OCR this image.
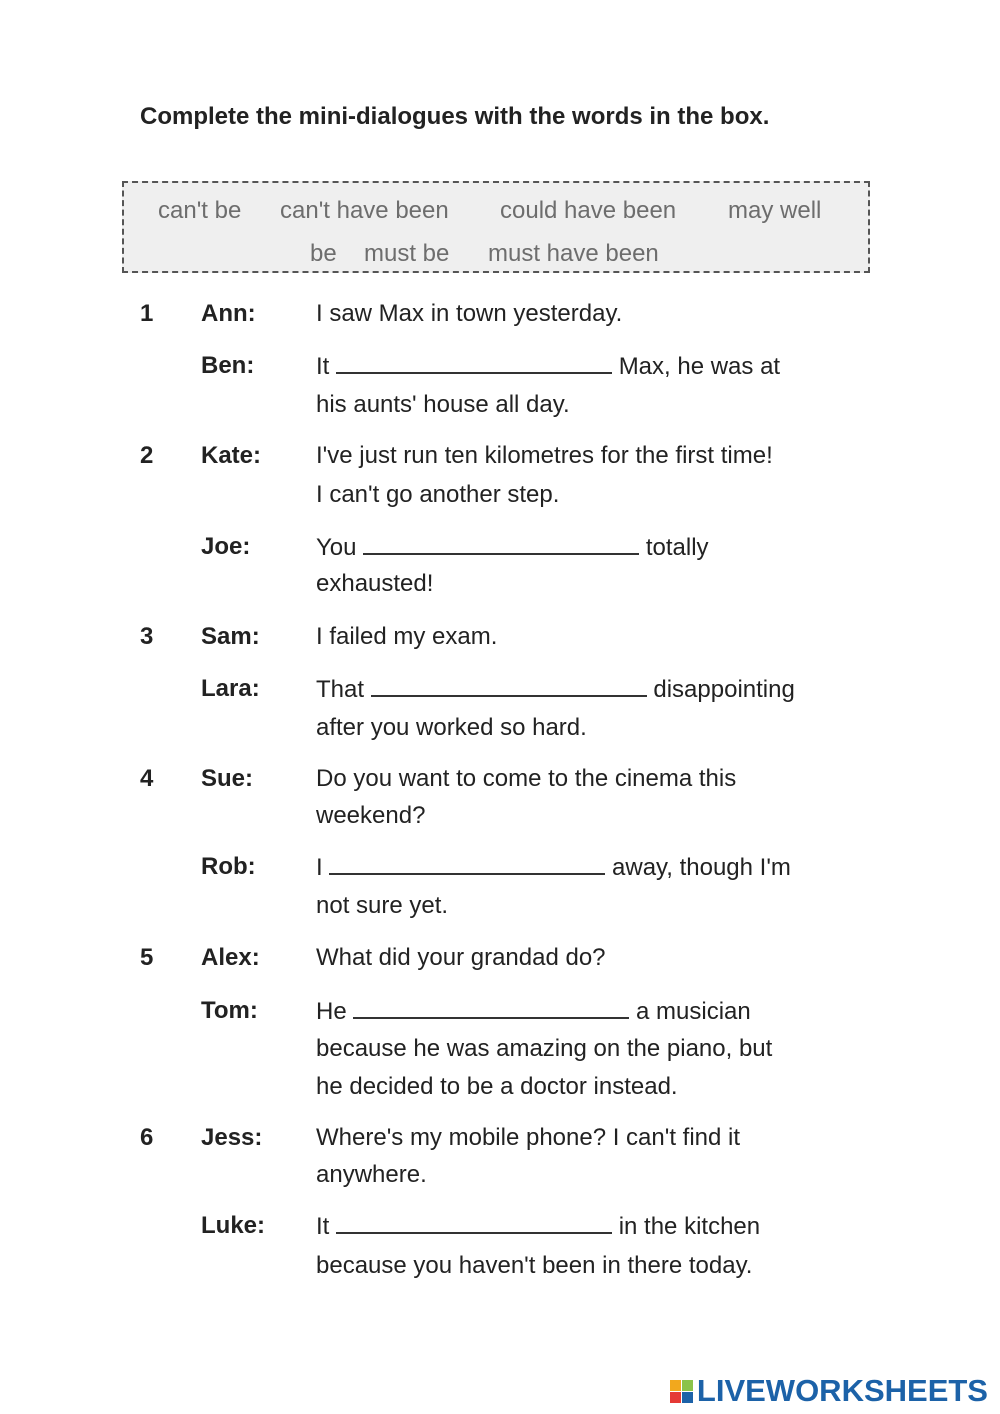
Complete the mini-dialogues with the words in the box.
can't be can't have been could have been may well
be must be must have been
1 Ann:	I saw Max in town yesterday.
Ben:	It	Max, he was at
his aunts' house all day.
2 Kate: I've just run ten kilometres for the first time!
I can't go another step.
Joe:	You	totally
exhausted!
3 Sam: I failed my exam.
Lara: That	disappointing
after you worked so hard.
4 Sue:	Do you want to come to the cinema this
weekend?
Rob:	I	away, though I'm
not sure yet.
5 Alex: What did your grandad do?
Tom: He	a musician
because he was amazing on the piano, but
he decided to be a doctor instead.
6 Jess: Where's my mobile phone? I can't find it
anywhere.
Luke: It	in the kitchen
because you haven't been in there today.
LIVEWORKSHEETS
